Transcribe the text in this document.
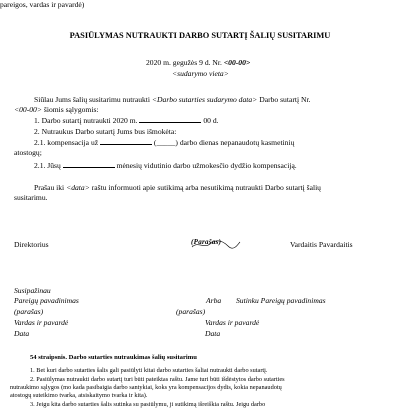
pareigos, vardas ir pavardė)
PASIŪLYMAS NUTRAUKTI DARBO SUTARTĮ ŠALIŲ SUSITARIMU
2020 m. gegužės 9 d. Nr. <00-00>
<sudarymo vieta>
Siūlau Jums šalių susitarimu nutraukti <Darbo sutarties sudarymo data> Darbo sutartį Nr.
<00-00> šiomis sąlygomis:
1. Darbo sutartį nutraukti 2020 m.	00 d.
2. Nutraukus Darbo sutartį Jums bus išmokėta:
2.1. kompensacija už	(_____) darbo dienas nepanaudotų kasmetinių
atostogų;
2.1. Jūsų	mėnesių vidutinio darbo užmokesčio dydžio kompensaciją.
Prašau iki <data> raštu informuoti apie sutikimą arba nesutikimą nutraukti Darbo sutartį šalių
susitarimu.
Direktorius	(Parašas)	Vardaitis Pavardaitis
Susipažinau
Pareigų pavadinimas	Arba Sutinku Pareigų pavadinimas
(parašas)	(parašas)
Vardas ir pavardė	Vardas ir pavardė
Data	Data
54 straipsnis. Darbo sutarties nutraukimas šalių susitarimu
1. Bet kuri darbo sutarties šalis gali pasiūlyti kitai darbo sutarties šaliai nutraukti darbo sutartį.
2. Pasiūlymas nutraukti darbo sutartį turi būti pateiktas raštu. Jame turi būti išdėstytos darbo sutarties
nutraukimo sąlygos (mo kada pasibaigia darbo santykiai, koks yra kompensacijos dydis, kokia nepanaudotų
atostogų suteikimo tvarka, atsiskaitymo tvarka ir kita).
3. Jeigu kita darbo sutarties šalis sutinka su pasiūlymu, ji sutikimą išreiškia raštu. Jeigu darbo
